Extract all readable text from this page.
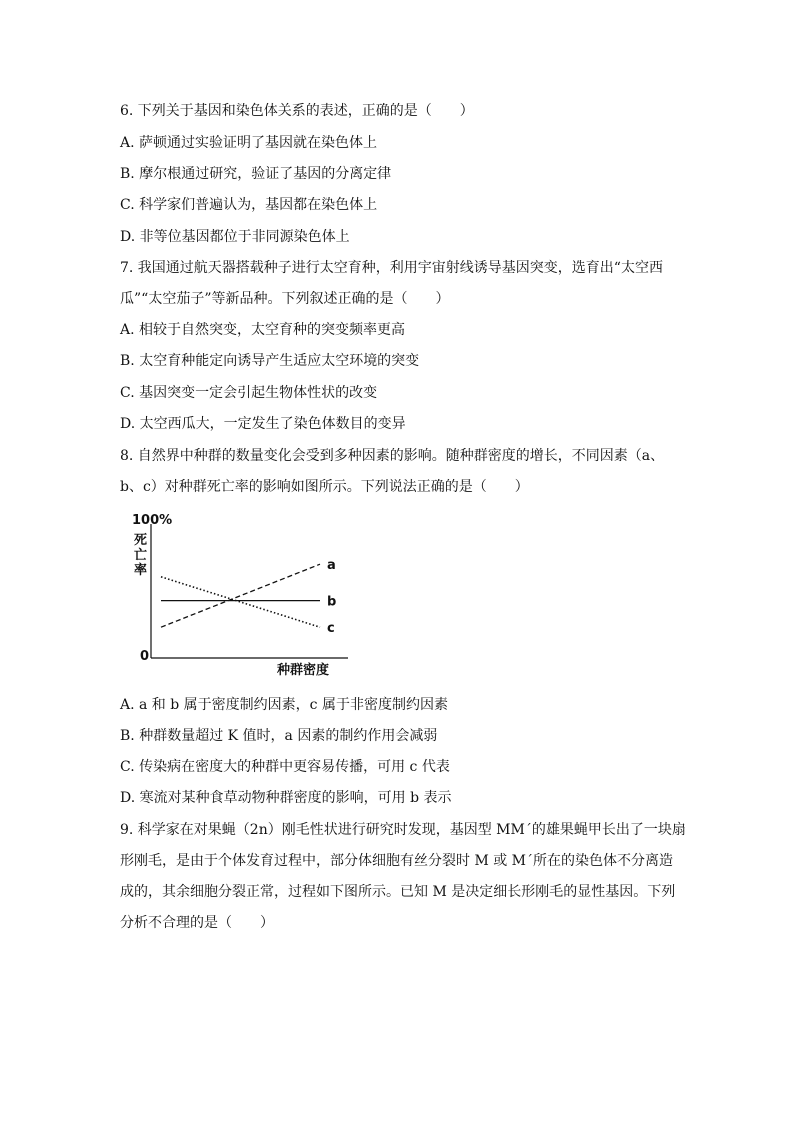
6. 下列关于基因和染色体关系的表述，正确的是（　　）
A. 萨顿通过实验证明了基因就在染色体上
B. 摩尔根通过研究，验证了基因的分离定律
C. 科学家们普遍认为，基因都在染色体上
D. 非等位基因都位于非同源染色体上
7. 我国通过航天器搭载种子进行太空育种，利用宇宙射线诱导基因突变，选育出“太空西
瓜”“太空茄子”等新品种。下列叙述正确的是（　　）
A. 相较于自然突变，太空育种的突变频率更高
B. 太空育种能定向诱导产生适应太空环境的突变
C. 基因突变一定会引起生物体性状的改变
D. 太空西瓜大，一定发生了染色体数目的变异
8. 自然界中种群的数量变化会受到多种因素的影响。随种群密度的增长，不同因素（a、
b、c）对种群死亡率的影响如图所示。下列说法正确的是（　　）
100%
死亡率
0
种群密度
a
b
c
A. a 和 b 属于密度制约因素，c 属于非密度制约因素
B. 种群数量超过 K 值时，a 因素的制约作用会减弱
C. 传染病在密度大的种群中更容易传播，可用 c 代表
D. 寒流对某种食草动物种群密度的影响，可用 b 表示
9. 科学家在对果蝇（2n）刚毛性状进行研究时发现，基因型 MMˊ的雄果蝇甲长出了一块扇
形刚毛，是由于个体发育过程中，部分体细胞有丝分裂时 M 或 Mˊ所在的染色体不分离造
成的，其余细胞分裂正常，过程如下图所示。已知 M 是决定细长形刚毛的显性基因。下列
分析不合理的是（　　）
